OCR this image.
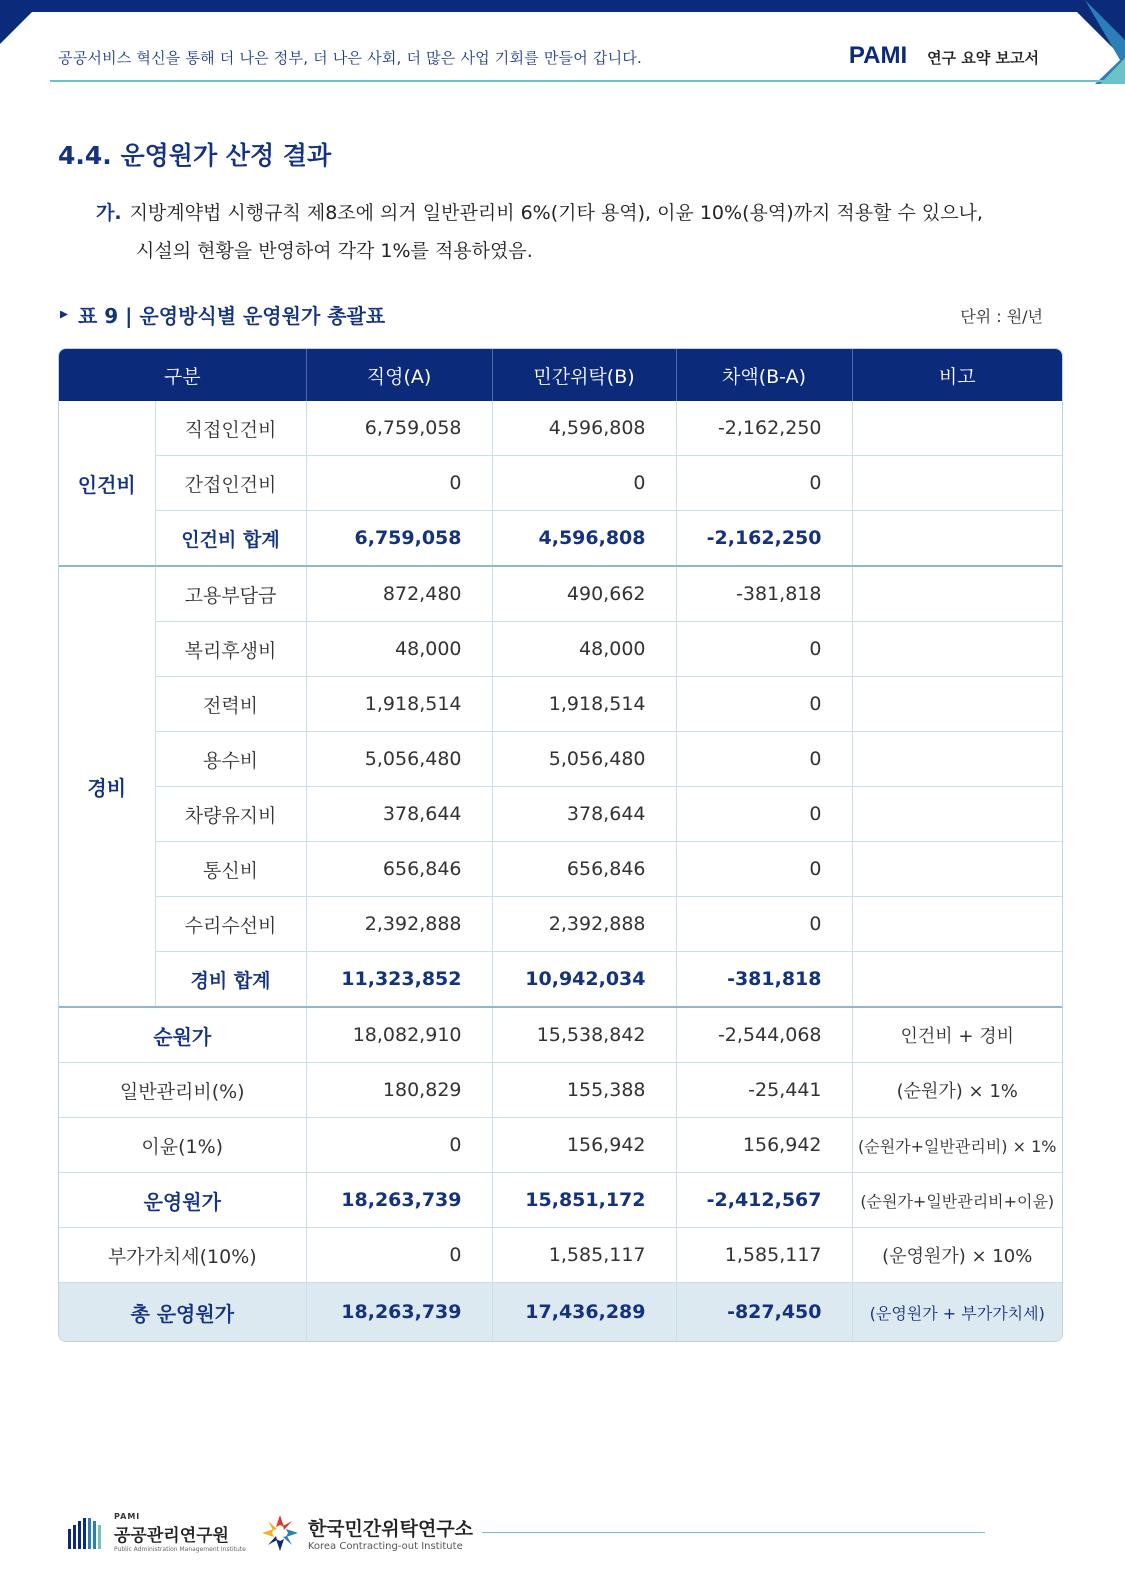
공공서비스 혁신을 통해 더 나은 정부, 더 나은 사회, 더 많은 사업 기회를 만들어 갑니다.	PAMI 연구 요약 보고서
4.4. 운영원가 산정 결과
가. 지방계약법 시행규칙 제8조에 의거 일반관리비 6%(기타 용역), 이윤 10%(용역)까지 적용할 수 있으나,
시설의 현황을 반영하여 각각 1%를 적용하였음.
표 9 | 운영방식별 운영원가 총괄표	단위 : 원/년
구분		직영(A)	민간위탁(B)	차액(B-A)	비고
인건비	직접인건비	6,759,058	4,596,808	-2,162,250	
	간접인건비	0	0	0	
	인건비 합계	6,759,058	4,596,808	-2,162,250	
경비	고용부담금	872,480	490,662	-381,818	
	복리후생비	48,000	48,000	0	
	전력비	1,918,514	1,918,514	0	
	용수비	5,056,480	5,056,480	0	
	차량유지비	378,644	378,644	0	
	통신비	656,846	656,846	0	
	수리수선비	2,392,888	2,392,888	0	
	경비 합계	11,323,852	10,942,034	-381,818	
순원가		18,082,910	15,538,842	-2,544,068	인건비 + 경비
일반관리비(%)		180,829	155,388	-25,441	(순원가) × 1%
이윤(1%)		0	156,942	156,942	(순원가+일반관리비) × 1%
운영원가		18,263,739	15,851,172	-2,412,567	(순원가+일반관리비+이윤)
부가가치세(10%)		0	1,585,117	1,585,117	(운영원가) × 10%
총 운영원가		18,263,739	17,436,289	-827,450	(운영원가 + 부가가치세)
PAMI
공공관리연구원
Public Administration Management Institute
한국민간위탁연구소
Korea Contracting-out Institute
